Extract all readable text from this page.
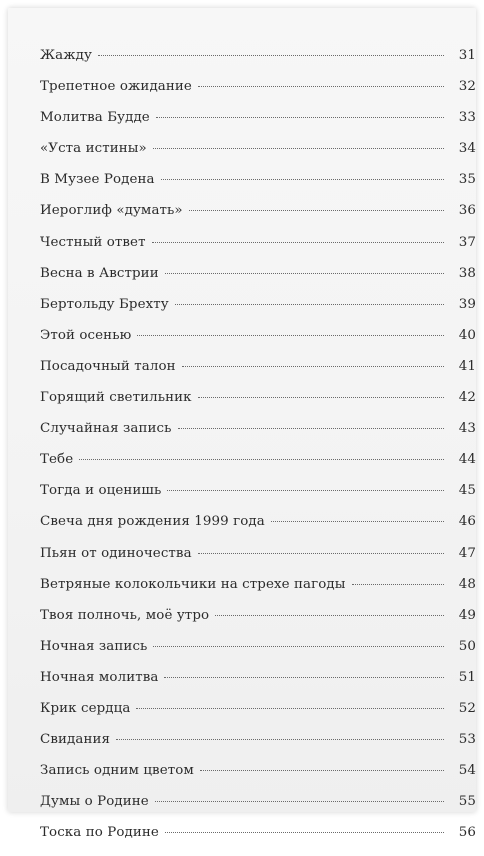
Жажду	31
Трепетное ожидание	32
Молитва Будде	33
«Уста истины»	34
В Музее Родена	35
Иероглиф «думать»	36
Честный ответ	37
Весна в Австрии	38
Бертольду Брехту	39
Этой осенью	40
Посадочный талон	41
Горящий светильник	42
Случайная запись	43
Тебе	44
Тогда и оценишь	45
Свеча дня рождения 1999 года	46
Пьян от одиночества	47
Ветряные колокольчики на стрехе пагоды	48
Твоя полночь, моё утро	49
Ночная запись	50
Ночная молитва	51
Крик сердца	52
Свидания	53
Запись одним цветом	54
Думы о Родине	55
Тоска по Родине	56
